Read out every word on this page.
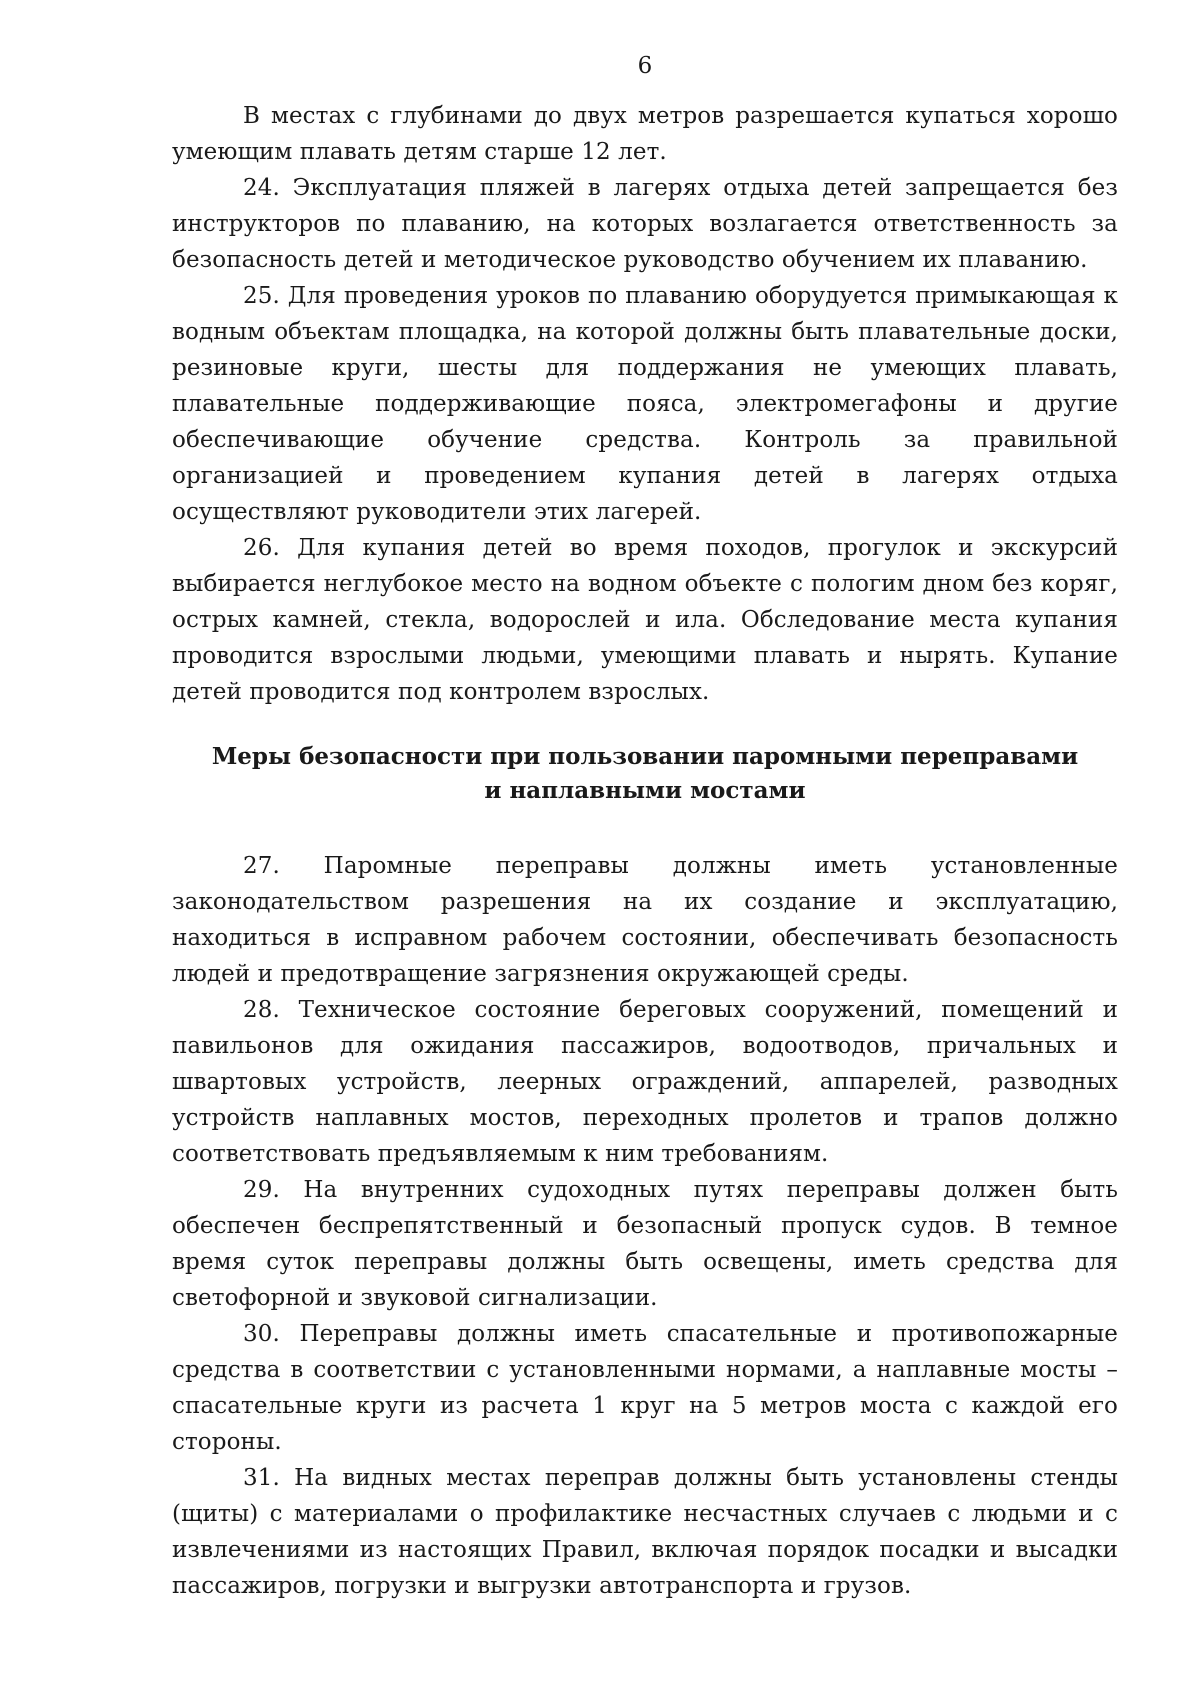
6

В местах с глубинами до двух метров разрешается купаться хорошо умеющим плавать детям старше 12 лет.

24. Эксплуатация пляжей в лагерях отдыха детей запрещается без инструкторов по плаванию, на которых возлагается ответственность за безопасность детей и методическое руководство обучением их плаванию.

25. Для проведения уроков по плаванию оборудуется примыкающая к водным объектам площадка, на которой должны быть плавательные доски, резиновые круги, шесты для поддержания не умеющих плавать, плавательные поддерживающие пояса, электромегафоны и другие обеспечивающие обучение средства. Контроль за правильной организацией и проведением купания детей в лагерях отдыха осуществляют руководители этих лагерей.

26. Для купания детей во время походов, прогулок и экскурсий выбирается неглубокое место на водном объекте с пологим дном без коряг, острых камней, стекла, водорослей и ила. Обследование места купания проводится взрослыми людьми, умеющими плавать и нырять. Купание детей проводится под контролем взрослых.

Меры безопасности при пользовании паромными переправами
и наплавными мостами

27. Паромные переправы должны иметь установленные законодательством разрешения на их создание и эксплуатацию, находиться в исправном рабочем состоянии, обеспечивать безопасность людей и предотвращение загрязнения окружающей среды.

28. Техническое состояние береговых сооружений, помещений и павильонов для ожидания пассажиров, водоотводов, причальных и швартовых устройств, леерных ограждений, аппарелей, разводных устройств наплавных мостов, переходных пролетов и трапов должно соответствовать предъявляемым к ним требованиям.

29. На внутренних судоходных путях переправы должен быть обеспечен беспрепятственный и безопасный пропуск судов. В темное время суток переправы должны быть освещены, иметь средства для светофорной и звуковой сигнализации.

30. Переправы должны иметь спасательные и противопожарные средства в соответствии с установленными нормами, а наплавные мосты – спасательные круги из расчета 1 круг на 5 метров моста с каждой его стороны.

31. На видных местах переправ должны быть установлены стенды (щиты) с материалами о профилактике несчастных случаев с людьми и с извлечениями из настоящих Правил, включая порядок посадки и высадки пассажиров, погрузки и выгрузки автотранспорта и грузов.
